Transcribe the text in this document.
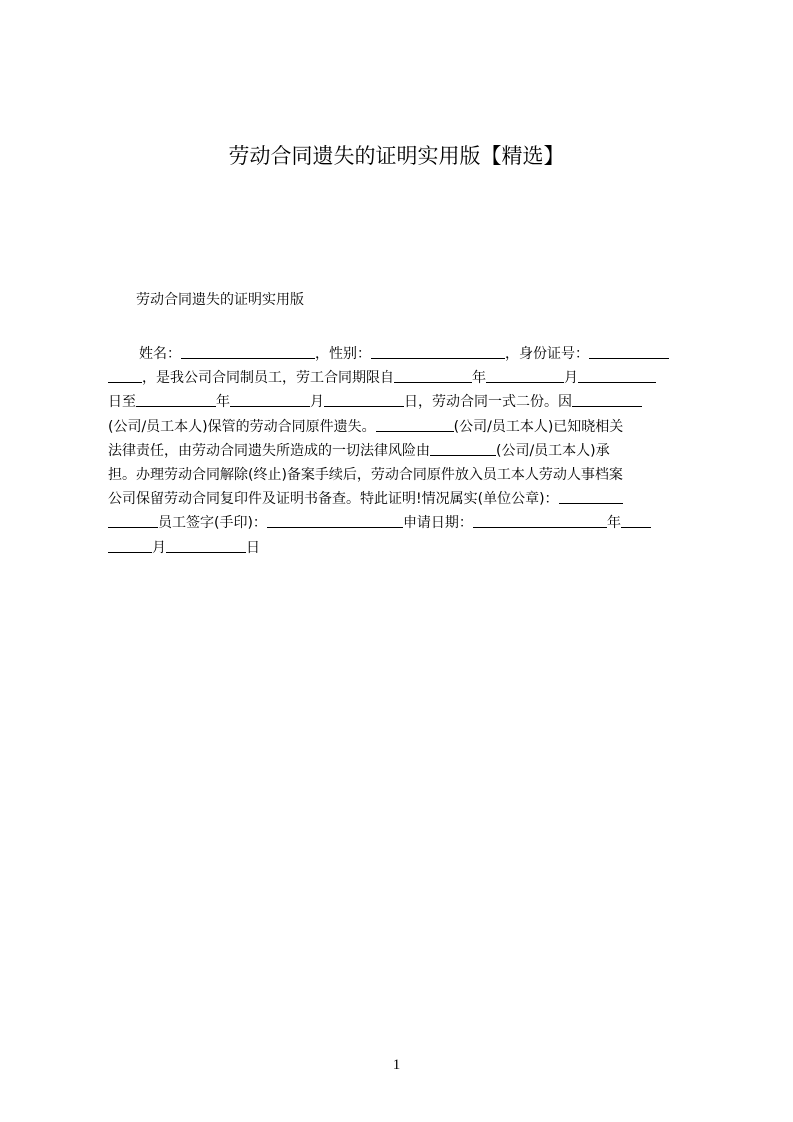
劳动合同遗失的证明实用版【精选】
劳动合同遗失的证明实用版
姓名：	，性别：	，身份证号：
，是我公司合同制员工，劳工合同期限自	年	月
日至	年	月	日，劳动合同一式二份。因
(公司/员工本人)保管的劳动合同原件遗失。	(公司/员工本人)已知晓相关
法律责任，由劳动合同遗失所造成的一切法律风险由	(公司/员工本人)承
担。办理劳动合同解除(终止)备案手续后，劳动合同原件放入员工本人劳动人事档案
公司保留劳动合同复印件及证明书备查。特此证明!情况属实(单位公章)：
员工签字(手印)：	申请日期：	年
月	日
1
